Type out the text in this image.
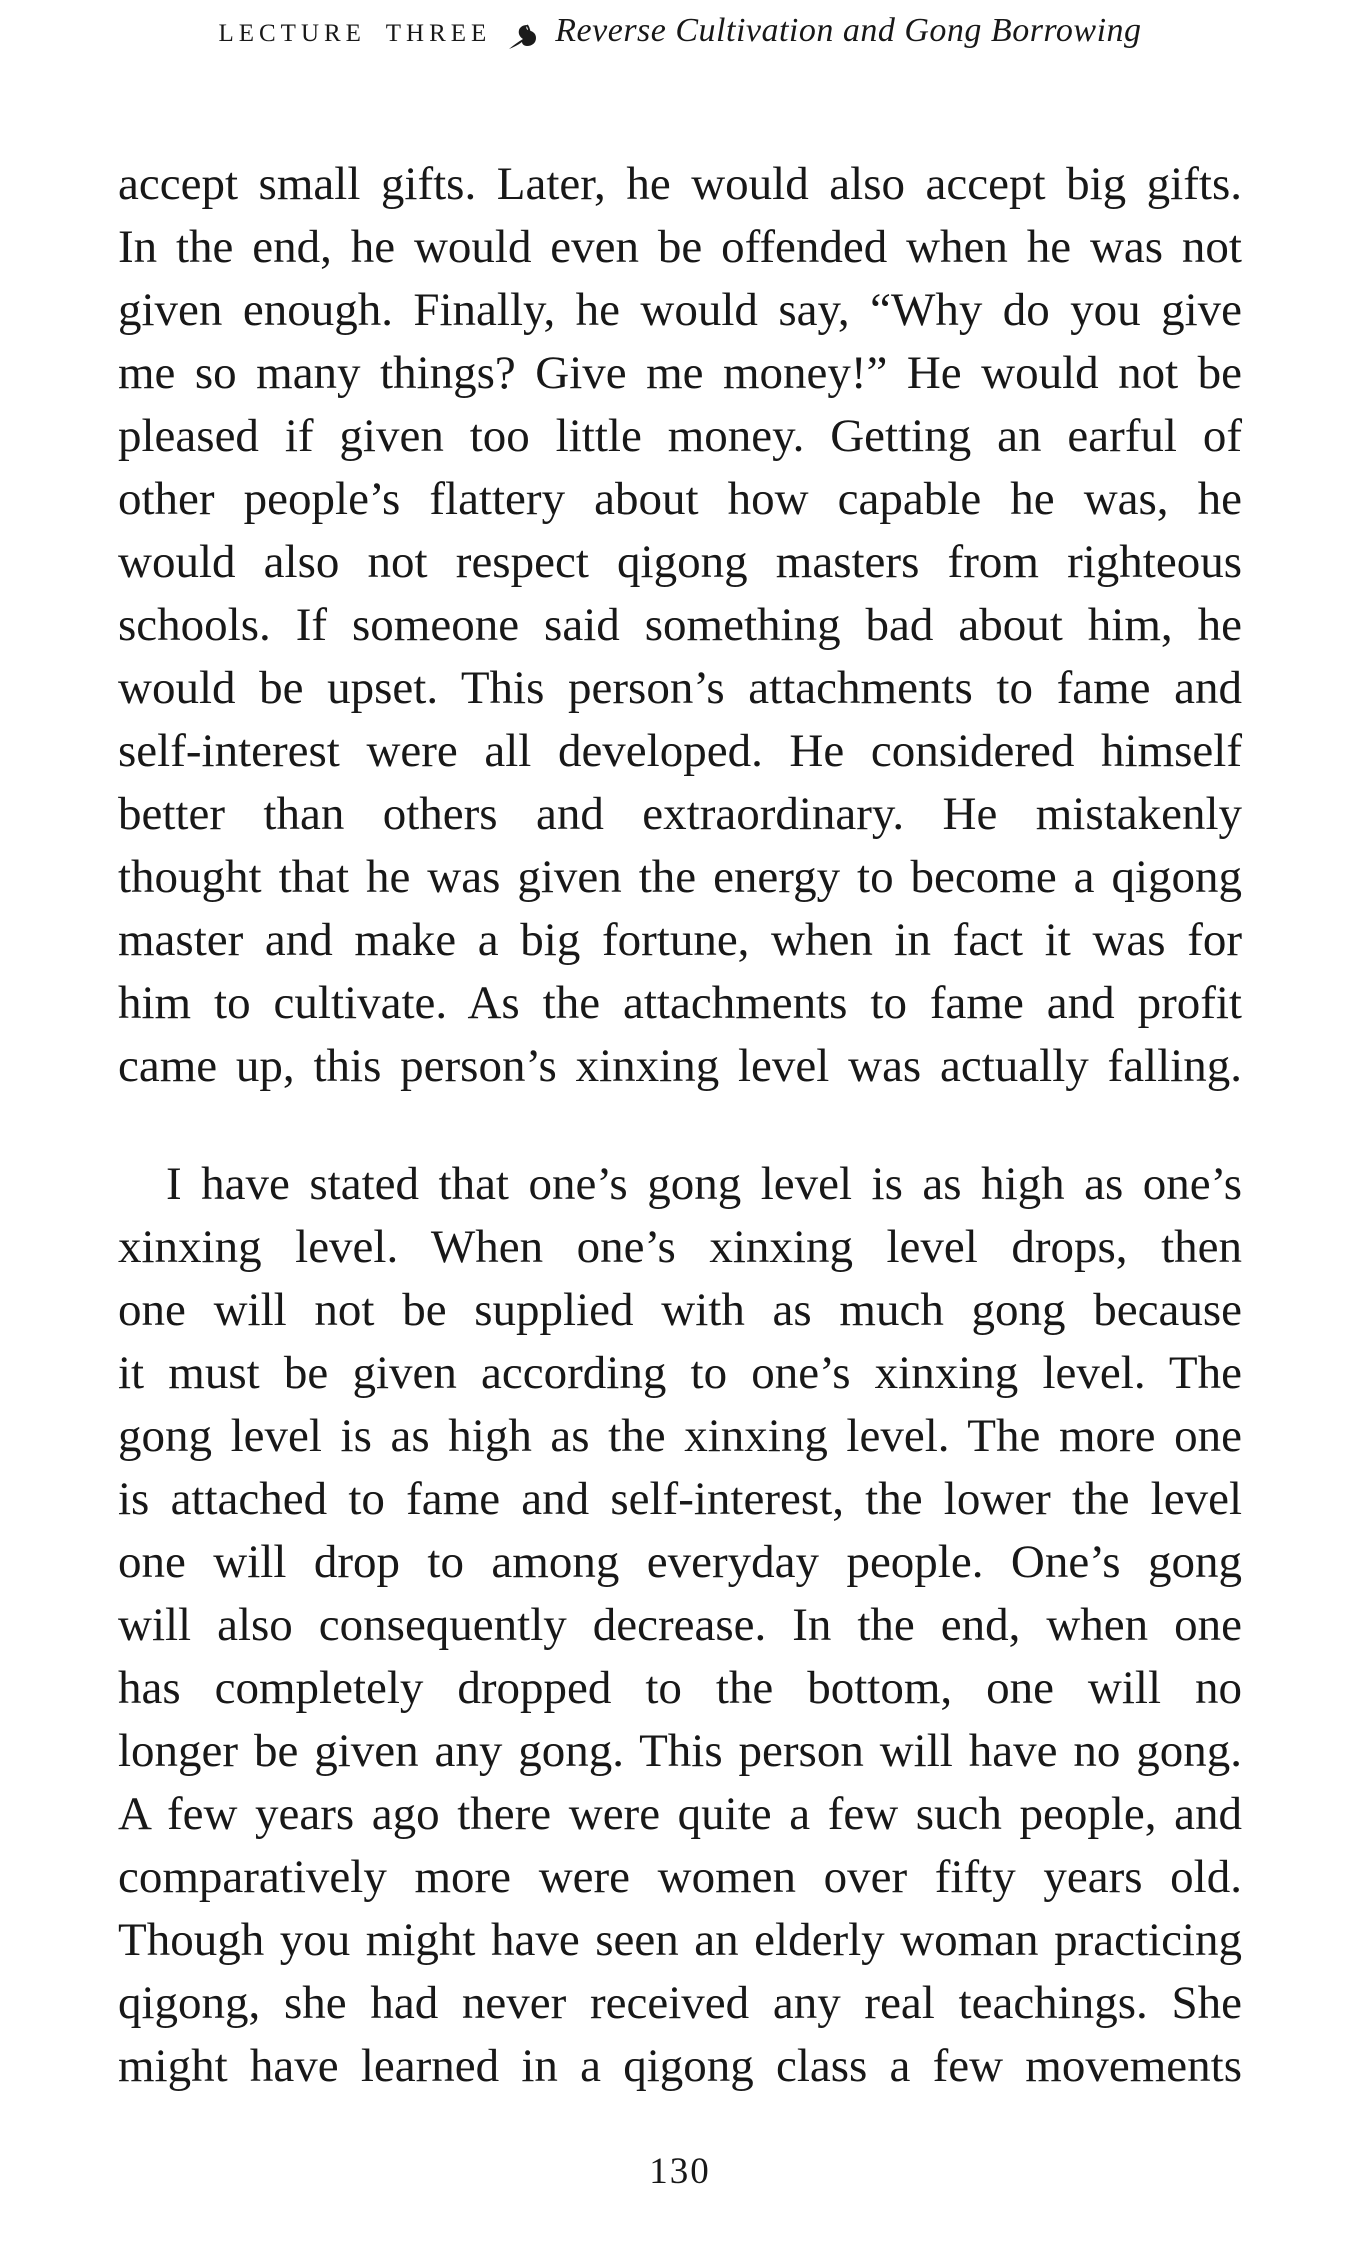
LECTURE THREE Reverse Cultivation and Gong Borrowing
accept small gifts. Later, he would also accept big gifts.
In the end, he would even be offended when he was not
given enough. Finally, he would say, “Why do you give
me so many things? Give me money!” He would not be
pleased if given too little money. Getting an earful of
other people’s flattery about how capable he was, he
would also not respect qigong masters from righteous
schools. If someone said something bad about him, he
would be upset. This person’s attachments to fame and
self-interest were all developed. He considered himself
better than others and extraordinary. He mistakenly
thought that he was given the energy to become a qigong
master and make a big fortune, when in fact it was for
him to cultivate. As the attachments to fame and profit
came up, this person’s xinxing level was actually falling.
I have stated that one’s gong level is as high as one’s
xinxing level. When one’s xinxing level drops, then
one will not be supplied with as much gong because
it must be given according to one’s xinxing level. The
gong level is as high as the xinxing level. The more one
is attached to fame and self-interest, the lower the level
one will drop to among everyday people. One’s gong
will also consequently decrease. In the end, when one
has completely dropped to the bottom, one will no
longer be given any gong. This person will have no gong.
A few years ago there were quite a few such people, and
comparatively more were women over fifty years old.
Though you might have seen an elderly woman practicing
qigong, she had never received any real teachings. She
might have learned in a qigong class a few movements
130
